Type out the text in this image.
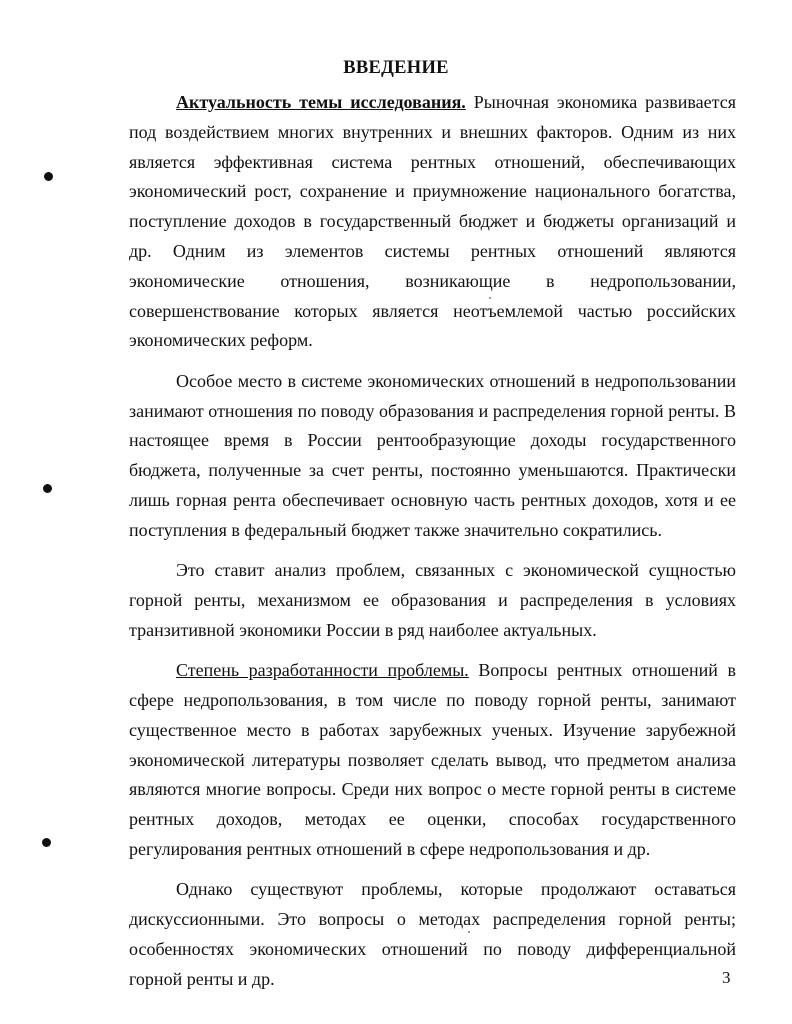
ВВЕДЕНИЕ

Актуальность темы исследования. Рыночная экономика развивается под воздействием многих внутренних и внешних факторов. Одним из них является эффективная система рентных отношений, обеспечивающих экономический рост, сохранение и приумножение национального богатства, поступление доходов в государственный бюджет и бюджеты организаций и др. Одним из элементов системы рентных отношений являются экономические отношения, возникающие в недропользовании, совершенствование которых является неотъемлемой частью российских экономических реформ.

Особое место в системе экономических отношений в недропользовании занимают отношения по поводу образования и распределения горной ренты. В настоящее время в России рентообразующие доходы государственного бюджета, полученные за счет ренты, постоянно уменьшаются. Практически лишь горная рента обеспечивает основную часть рентных доходов, хотя и ее поступления в федеральный бюджет также значительно сократились.

Это ставит анализ проблем, связанных с экономической сущностью горной ренты, механизмом ее образования и распределения в условиях транзитивной экономики России в ряд наиболее актуальных.

Степень разработанности проблемы. Вопросы рентных отношений в сфере недропользования, в том числе по поводу горной ренты, занимают существенное место в работах зарубежных ученых. Изучение зарубежной экономической литературы позволяет сделать вывод, что предметом анализа являются многие вопросы. Среди них вопрос о месте горной ренты в системе рентных доходов, методах ее оценки, способах государственного регулирования рентных отношений в сфере недропользования и др.

Однако существуют проблемы, которые продолжают оставаться дискуссионными. Это вопросы о методах распределения горной ренты; особенностях экономических отношений по поводу дифференциальной горной ренты и др.	3
